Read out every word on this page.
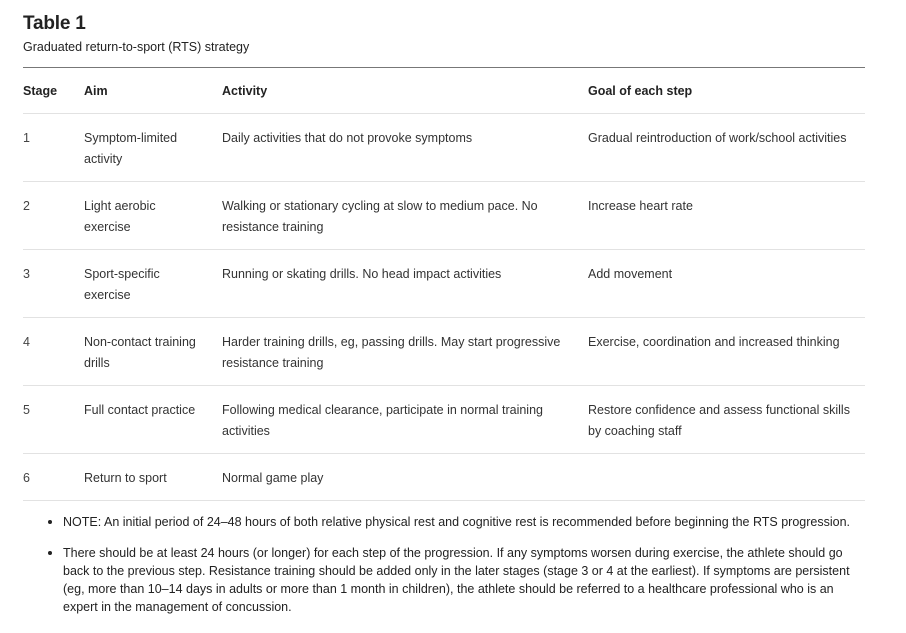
Table 1
Graduated return-to-sport (RTS) strategy
Stage	Aim	Activity	Goal of each step
1	Symptom-limited activity	Daily activities that do not provoke symptoms	Gradual reintroduction of work/school activities

2	Light aerobic exercise	Walking or stationary cycling at slow to medium pace. No resistance training	Increase heart rate

3	Sport-specific exercise	Running or skating drills. No head impact activities	Add movement

4	Non-contact training drills	Harder training drills, eg, passing drills. May start progressive resistance training	Exercise, coordination and increased thinking

5	Full contact practice	Following medical clearance, participate in normal training activities	Restore confidence and assess functional skills by coaching staff

6	Return to sport	Normal game play	

NOTE: An initial period of 24–48 hours of both relative physical rest and cognitive rest is recommended before beginning the RTS progression.
There should be at least 24 hours (or longer) for each step of the progression. If any symptoms worsen during exercise, the athlete should go back to the previous step. Resistance training should be added only in the later stages (stage 3 or 4 at the earliest). If symptoms are persistent (eg, more than 10–14 days in adults or more than 1 month in children), the athlete should be referred to a healthcare professional who is an expert in the management of concussion.
